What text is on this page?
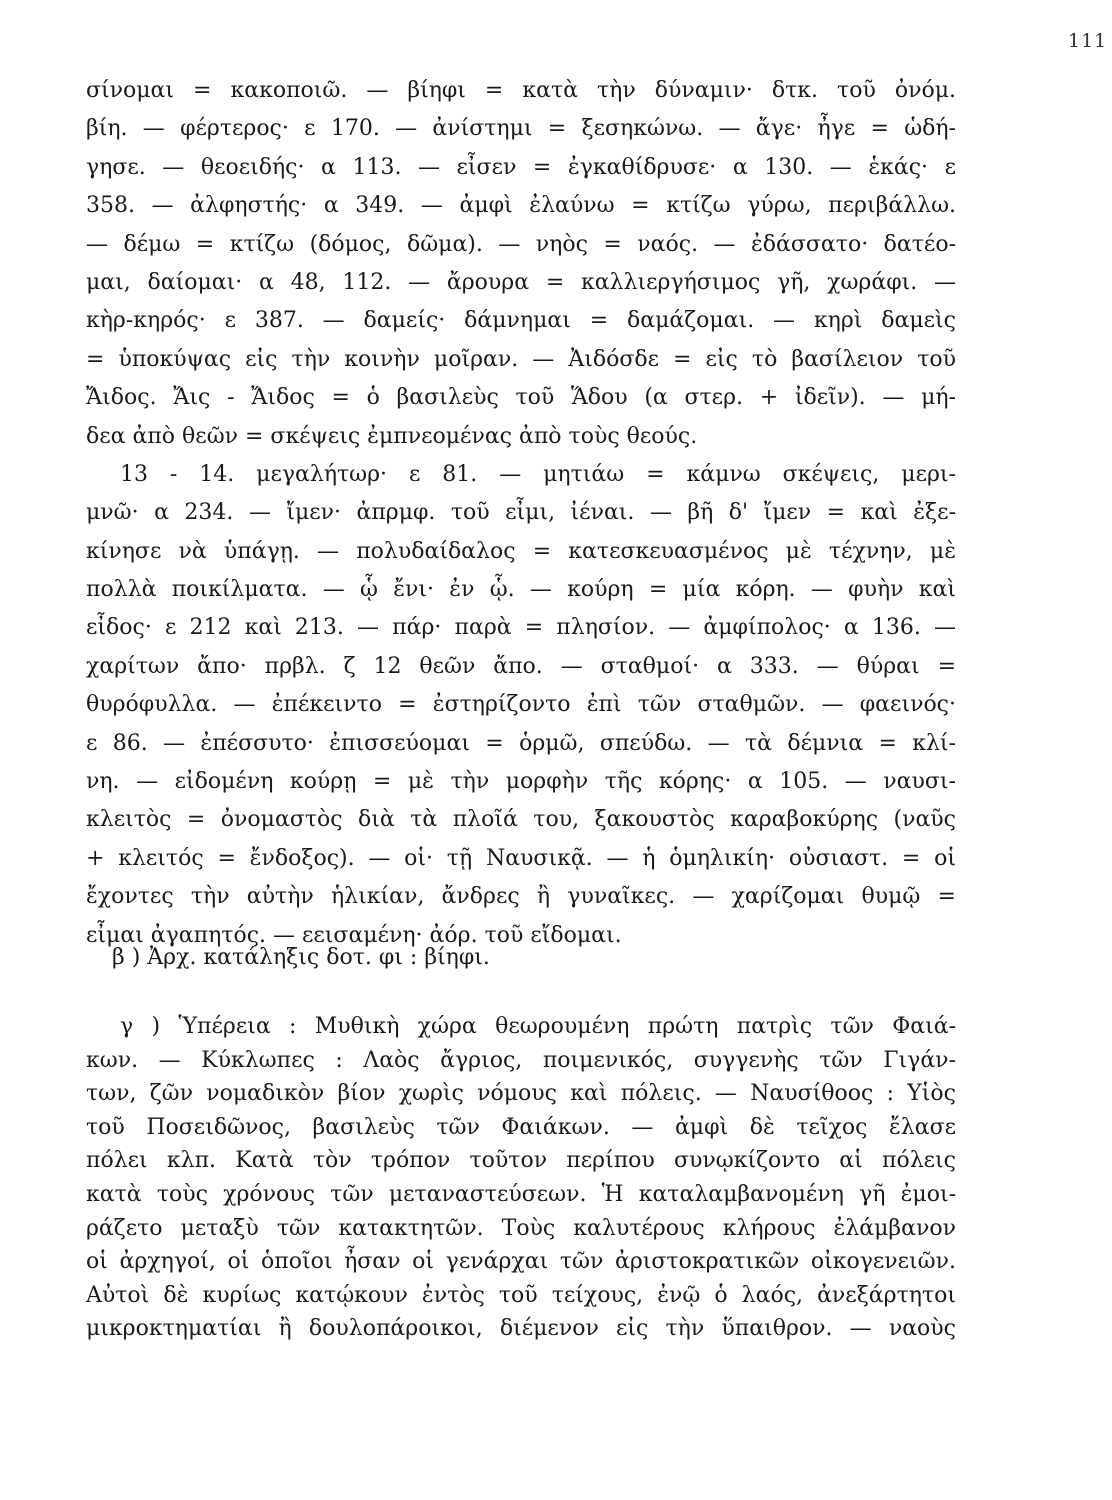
111
σίνομαι = κακοποιῶ. — βίηφι = κατὰ τὴν δύναμιν· δτκ. τοῦ ὀνόμ.
βίη. — φέρτερος· ε 170. — ἀνίστημι = ξεσηκώνω. — ἄγε· ἦγε = ὡδή-
γησε. — θεοειδής· α 113. — εἶσεν = ἐγκαθίδρυσε· α 130. — ἑκάς· ε
358. — ἀλφηστής· α 349. — ἀμφὶ ἐλαύνω = κτίζω γύρω, περιβάλλω.
— δέμω = κτίζω (δόμος, δῶμα). — νηὸς = ναός. — ἐδάσσατο· δατέο-
μαι, δαίομαι· α 48, 112. — ἄρουρα = καλλιεργήσιμος γῆ, χωράφι. —
κὴρ-κηρός· ε 387. — δαμείς· δάμνημαι = δαμάζομαι. — κηρὶ δαμεὶς
= ὑποκύψας εἰς τὴν κοινὴν μοῖραν. — Ἀιδόσδε = εἰς τὸ βασίλειον τοῦ
Ἄιδος. Ἄις - Ἄιδος = ὁ βασιλεὺς τοῦ Ἅδου (α στερ. + ἰδεῖν). — μή-
δεα ἀπὸ θεῶν = σκέψεις ἐμπνεομένας ἀπὸ τοὺς θεούς.
13 - 14. μεγαλήτωρ· ε 81. — μητιάω = κάμνω σκέψεις, μερι-
μνῶ· α 234. — ἴμεν· ἀπρμφ. τοῦ εἶμι, ἰέναι. — βῆ δ' ἴμεν = καὶ ἐξε-
κίνησε νὰ ὑπάγῃ. — πολυδαίδαλος = κατεσκευασμένος μὲ τέχνην, μὲ
πολλὰ ποικίλματα. — ᾧ ἔνι· ἐν ᾧ. — κούρη = μία κόρη. — φυὴν καὶ
εἶδος· ε 212 καὶ 213. — πάρ· παρὰ = πλησίον. — ἀμφίπολος· α 136. —
χαρίτων ἄπο· πρβλ. ζ 12 θεῶν ἄπο. — σταθμοί· α 333. — θύραι =
θυρόφυλλα. — ἐπέκειντο = ἐστηρίζοντο ἐπὶ τῶν σταθμῶν. — φαεινός·
ε 86. — ἐπέσσυτο· ἐπισσεύομαι = ὁρμῶ, σπεύδω. — τὰ δέμνια = κλί-
νη. — εἰδομένη κούρῃ = μὲ τὴν μορφὴν τῆς κόρης· α 105. — ναυσι-
κλειτὸς = ὀνομαστὸς διὰ τὰ πλοῖά του, ξακουστὸς καραβοκύρης (ναῦς
+ κλειτός = ἔνδοξος). — οἱ· τῇ Ναυσικᾷ. — ἡ ὁμηλικίη· οὐσιαστ. = οἱ
ἔχοντες τὴν αὐτὴν ἡλικίαν, ἄνδρες ἢ γυναῖκες. — χαρίζομαι θυμῷ =
εἶμαι ἀγαπητός. — εεισαμένη· ἀόρ. τοῦ εἴδομαι.
β ) Ἀρχ. κατάληξις δοτ. φι : βίηφι.
γ ) Ὑπέρεια : Μυθικὴ χώρα θεωρουμένη πρώτη πατρὶς τῶν Φαιά-
κων. — Κύκλωπες : Λαὸς ἄγριος, ποιμενικός, συγγενὴς τῶν Γιγάν-
των, ζῶν νομαδικὸν βίον χωρὶς νόμους καὶ πόλεις. — Ναυσίθοος : Υἱὸς
τοῦ Ποσειδῶνος, βασιλεὺς τῶν Φαιάκων. — ἀμφὶ δὲ τεῖχος ἔλασε
πόλει κλπ. Κατὰ τὸν τρόπον τοῦτον περίπου συνῳκίζοντο αἱ πόλεις
κατὰ τοὺς χρόνους τῶν μεταναστεύσεων. Ἡ καταλαμβανομένη γῆ ἐμοι-
ράζετο μεταξὺ τῶν κατακτητῶν. Τοὺς καλυτέρους κλήρους ἐλάμβανον
οἱ ἀρχηγοί, οἱ ὁποῖοι ἦσαν οἱ γενάρχαι τῶν ἀριστοκρατικῶν οἰκογενειῶν.
Αὐτοὶ δὲ κυρίως κατῴκουν ἐντὸς τοῦ τείχους, ἐνῷ ὁ λαός, ἀνεξάρτητοι
μικροκτηματίαι ἢ δουλοπάροικοι, διέμενον εἰς τὴν ὕπαιθρον. — ναοὺς
